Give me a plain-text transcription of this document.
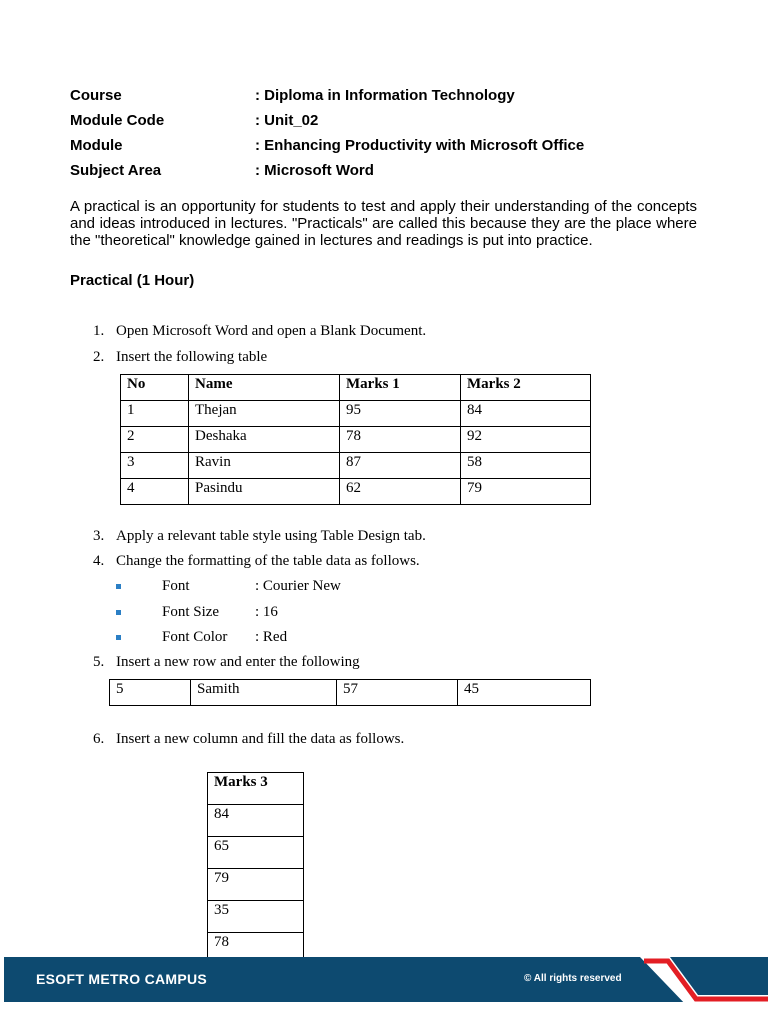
Course	: Diploma in Information Technology
Module Code	: Unit_02
Module	: Enhancing Productivity with Microsoft Office
Subject Area	: Microsoft Word

A practical is an opportunity for students to test and apply their understanding of the concepts and ideas introduced in lectures. "Practicals" are called this because they are the place where the "theoretical" knowledge gained in lectures and readings is put into practice.

Practical (1 Hour)

1. Open Microsoft Word and open a Blank Document.
2. Insert the following table
No	Name	Marks 1	Marks 2
1	Thejan	95	84
2	Deshaka	78	92
3	Ravin	87	58
4	Pasindu	62	79
3. Apply a relevant table style using Table Design tab.
4. Change the formatting of the table data as follows.
Font	: Courier New
Font Size	: 16
Font Color	: Red
5. Insert a new row and enter the following
5	Samith	57	45
6. Insert a new column and fill the data as follows.
Marks 3
84
65
79
35
78
ESOFT METRO CAMPUS	© All rights reserved
